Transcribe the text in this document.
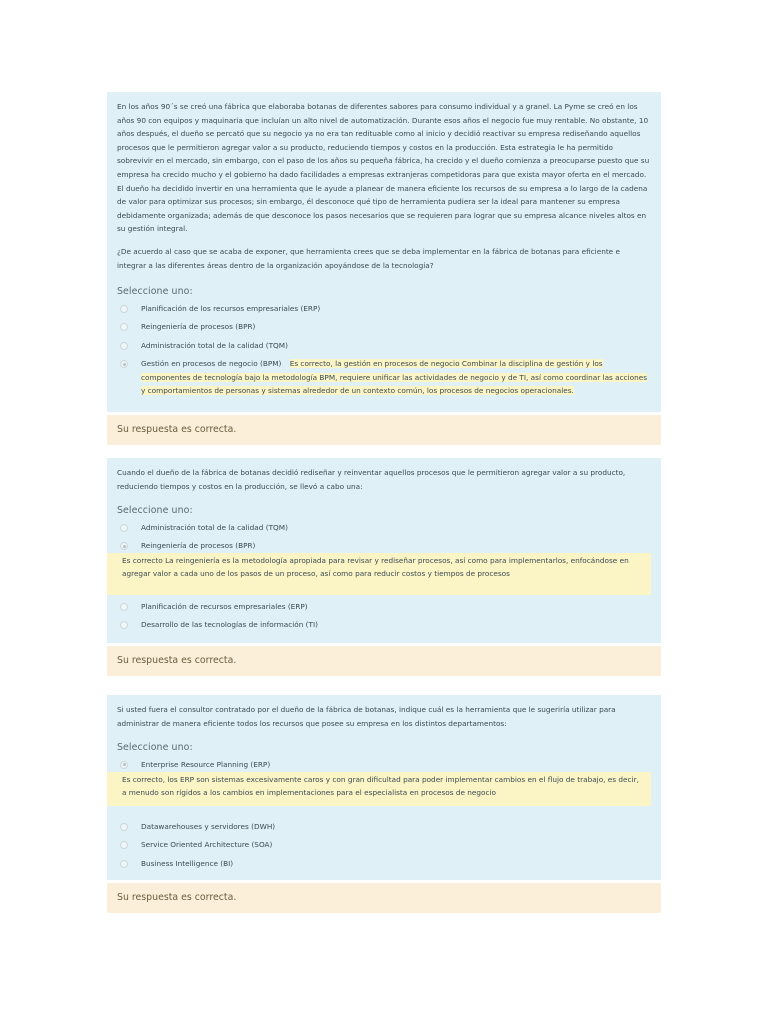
En los años 90´s se creó una fábrica que elaboraba botanas de diferentes sabores para consumo individual y a granel. La Pyme se creó en los años 90 con equipos y maquinaria que incluían un alto nivel de automatización. Durante esos años el negocio fue muy rentable. No obstante, 10 años después, el dueño se percató que su negocio ya no era tan redituable como al inicio y decidió reactivar su empresa rediseñando aquellos procesos que le permitieron agregar valor a su producto, reduciendo tiempos y costos en la producción. Esta estrategia le ha permitido sobrevivir en el mercado, sin embargo, con el paso de los años su pequeña fábrica, ha crecido y el dueño comienza a preocuparse puesto que su empresa ha crecido mucho y el gobierno ha dado facilidades a empresas extranjeras competidoras para que exista mayor oferta en el mercado. El dueño ha decidido invertir en una herramienta que le ayude a planear de manera eficiente los recursos de su empresa a lo largo de la cadena de valor para optimizar sus procesos; sin embargo, él desconoce qué tipo de herramienta pudiera ser la ideal para mantener su empresa debidamente organizada; además de que desconoce los pasos necesarios que se requieren para lograr que su empresa alcance niveles altos en su gestión integral.

¿De acuerdo al caso que se acaba de exponer, que herramienta crees que se deba implementar en la fábrica de botanas para eficiente e integrar a las diferentes áreas dentro de la organización apoyándose de la tecnología?

Seleccione uno:
Planificación de los recursos empresariales (ERP)
Reingeniería de procesos (BPR)
Administración total de la calidad (TQM)
Gestión en procesos de negocio (BPM) Es correcto, la gestión en procesos de negocio Combinar la disciplina de gestión y los componentes de tecnología bajo la metodología BPM, requiere unificar las actividades de negocio y de TI, así como coordinar las acciones y comportamientos de personas y sistemas alrededor de un contexto común, los procesos de negocios operacionales.
Su respuesta es correcta.

Cuando el dueño de la fábrica de botanas decidió rediseñar y reinventar aquellos procesos que le permitieron agregar valor a su producto, reduciendo tiempos y costos en la producción, se llevó a cabo una:

Seleccione uno:
Administración total de la calidad (TQM)
Reingeniería de procesos (BPR)
Es correcto La reingeniería es la metodología apropiada para revisar y rediseñar procesos, así como para implementarlos, enfocándose en agregar valor a cada uno de los pasos de un proceso, así como para reducir costos y tiempos de procesos
Planificación de recursos empresariales (ERP)
Desarrollo de las tecnologías de información (TI)
Su respuesta es correcta.

Si usted fuera el consultor contratado por el dueño de la fábrica de botanas, indique cuál es la herramienta que le sugeriría utilizar para administrar de manera eficiente todos los recursos que posee su empresa en los distintos departamentos:

Seleccione uno:
Enterprise Resource Planning (ERP)
Es correcto, los ERP son sistemas excesivamente caros y con gran dificultad para poder implementar cambios en el flujo de trabajo, es decir, a menudo son rígidos a los cambios en implementaciones para el especialista en procesos de negocio
Datawarehouses y servidores (DWH)
Service Oriented Architecture (SOA)
Business Intelligence (BI)
Su respuesta es correcta.
